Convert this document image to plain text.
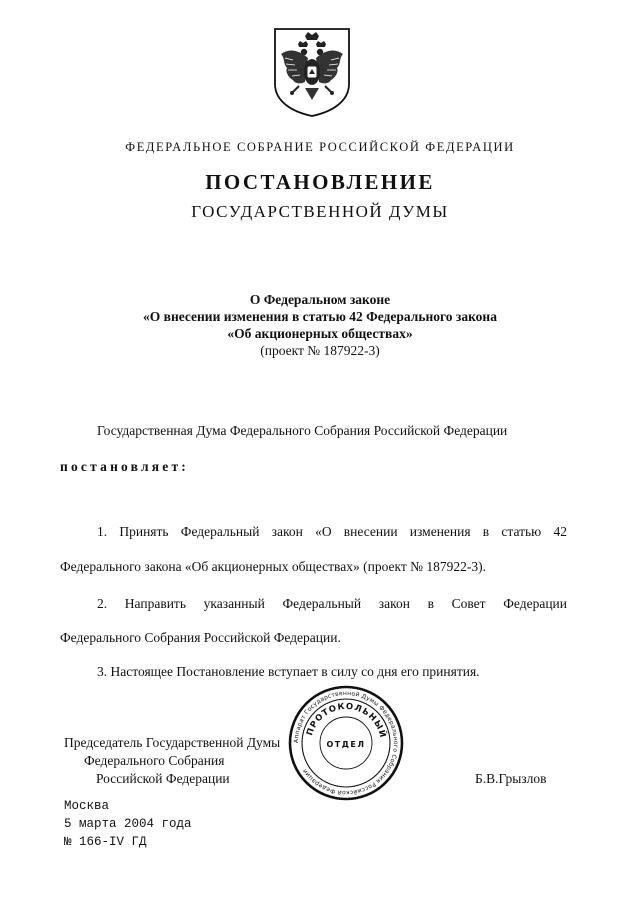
ФЕДЕРАЛЬНОЕ СОБРАНИЕ РОССИЙСКОЙ ФЕДЕРАЦИИ
ПОСТАНОВЛЕНИЕ
ГОСУДАРСТВЕННОЙ ДУМЫ
О Федеральном законе
«О внесении изменения в статью 42 Федерального закона
«Об акционерных обществах»
(проект № 187922-3)
Государственная Дума Федерального Собрания Российской Федерации
постановляет:
1. Принять Федеральный закон «О внесении изменения в статью 42
Федерального закона «Об акционерных обществах» (проект № 187922-3).
2. Направить указанный Федеральный закон в Совет Федерации
Федерального Собрания Российской Федерации.
3. Настоящее Постановление вступает в силу со дня его принятия.
Председатель Государственной Думы
Федерального Собрания
Российской Федерации	Б.В.Грызлов
Аппарат Государственной Думы Федерального Собрания Российской Федерации
ПРОТОКОЛЬНЫЙ
ОТДЕЛ
Москва
5 марта 2004 года
№ 166-IV ГД
